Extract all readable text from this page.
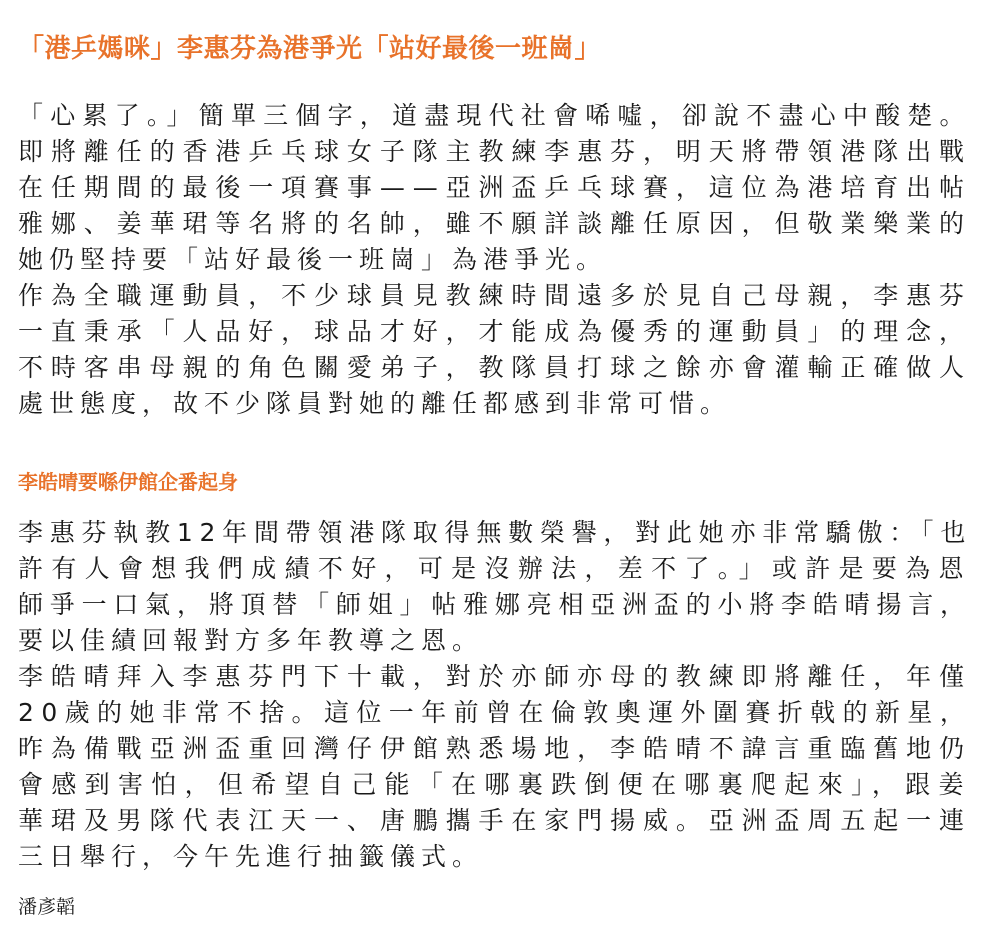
「港乒媽咪」李惠芬為港爭光「站好最後一班崗」
「心累了。」簡單三個字，道盡現代社會唏噓，卻說不盡心中酸楚。
即將離任的香港乒乓球女子隊主教練李惠芬，明天將帶領港隊出戰
在任期間的最後一項賽事——亞洲盃乒乓球賽，這位為港培育出帖
雅娜、姜華珺等名將的名帥，雖不願詳談離任原因，但敬業樂業的
她仍堅持要「站好最後一班崗」為港爭光。
作為全職運動員，不少球員見教練時間遠多於見自己母親，李惠芬
一直秉承「人品好，球品才好，才能成為優秀的運動員」的理念，
不時客串母親的角色關愛弟子，教隊員打球之餘亦會灌輸正確做人
處世態度，故不少隊員對她的離任都感到非常可惜。
李皓晴要喺伊館企番起身
李惠芬執教12年間帶領港隊取得無數榮譽，對此她亦非常驕傲：「也
許有人會想我們成績不好，可是沒辦法，差不了。」或許是要為恩
師爭一口氣，將頂替「師姐」帖雅娜亮相亞洲盃的小將李皓晴揚言，
要以佳績回報對方多年教導之恩。
李皓晴拜入李惠芬門下十載，對於亦師亦母的教練即將離任，年僅
20歲的她非常不捨。這位一年前曾在倫敦奧運外圍賽折戟的新星，
昨為備戰亞洲盃重回灣仔伊館熟悉場地，李皓晴不諱言重臨舊地仍
會感到害怕，但希望自己能「在哪裏跌倒便在哪裏爬起來」，跟姜
華珺及男隊代表江天一、唐鵬攜手在家門揚威。亞洲盃周五起一連
三日舉行，今午先進行抽籤儀式。
潘彥韜
